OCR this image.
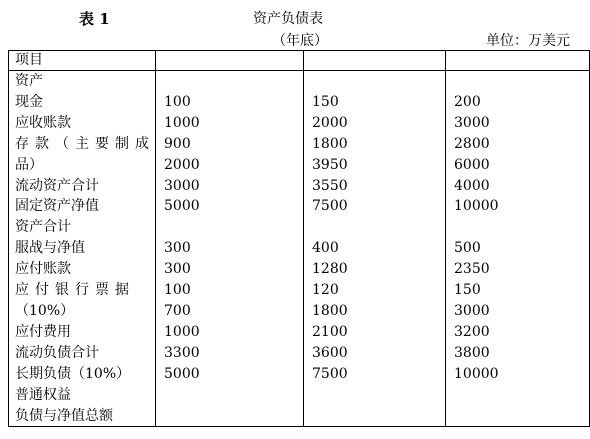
表 1	资产负债表
（年底）	单位：万美元
项目			
资产			
现金	100	150	200
应收账款	1000	2000	3000
存款（主要制成	900	1800	2800
品）	2000	3950	6000
流动资产合计	3000	3550	4000
固定资产净值	5000	7500	10000
资产合计			
服战与净值	300	400	500
应付账款	300	1280	2350
应付银行票据	100	120	150
（10%）	700	1800	3000
应付费用	1000	2100	3200
流动负债合计	3300	3600	3800
长期负债（10%）	5000	7500	10000
普通权益			
负债与净值总额			
